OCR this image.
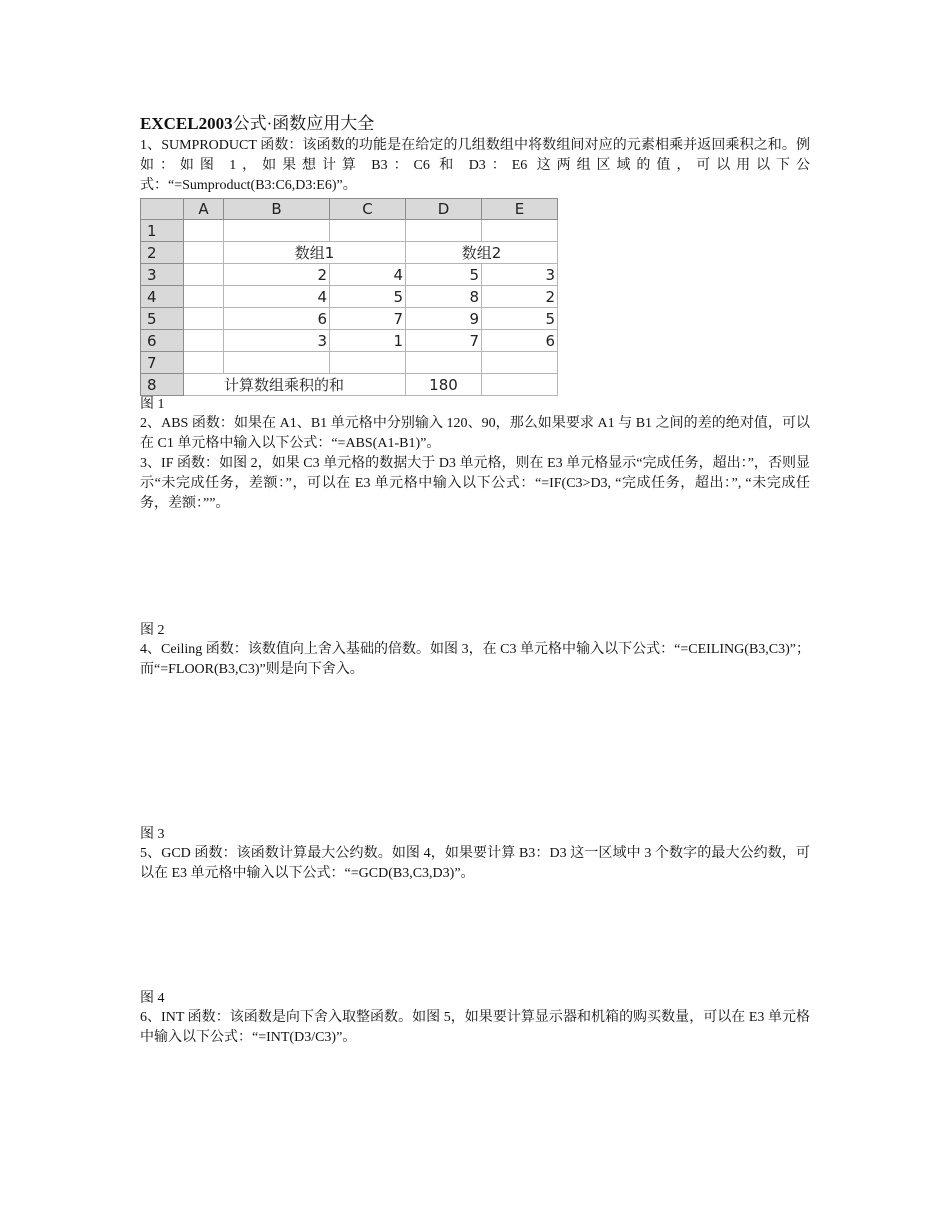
EXCEL2003公式·函数应用大全

1、SUMPRODUCT 函数：该函数的功能是在给定的几组数组中将数组间对应的元素相乘并返回乘积之和。例如：如图 1，如果想计算 B3：C6 和 D3：E6 这两组区域的值，可以用以下公式：“=Sumproduct(B3:C6,D3:E6)”。

	A	B	C	D	E
1					
2		数组1		数组2	
3		2	4	5	3
4		4	5	8	2
5		6	7	9	5
6		3	1	7	6
7					
8	计算数组乘积的和			180	
图 1

2、ABS 函数：如果在 A1、B1 单元格中分别输入 120、90，那么如果要求 A1 与 B1 之间的差的绝对值，可以在 C1 单元格中输入以下公式：“=ABS(A1-B1)”。

3、IF 函数：如图 2，如果 C3 单元格的数据大于 D3 单元格，则在 E3 单元格显示“完成任务，超出：”，否则显示“未完成任务，差额：”，可以在 E3 单元格中输入以下公式：“=IF(C3>D3, “完成任务，超出：”, “未完成任务，差额：””。

图 2

4、Ceiling 函数：该数值向上舍入基础的倍数。如图 3，在 C3 单元格中输入以下公式：“=CEILING(B3,C3)”；而“=FLOOR(B3,C3)”则是向下舍入。

图 3

5、GCD 函数：该函数计算最大公约数。如图 4，如果要计算 B3：D3 这一区域中 3 个数字的最大公约数，可以在 E3 单元格中输入以下公式：“=GCD(B3,C3,D3)”。

图 4

6、INT 函数：该函数是向下舍入取整函数。如图 5，如果要计算显示器和机箱的购买数量，可以在 E3 单元格中输入以下公式：“=INT(D3/C3)”。
